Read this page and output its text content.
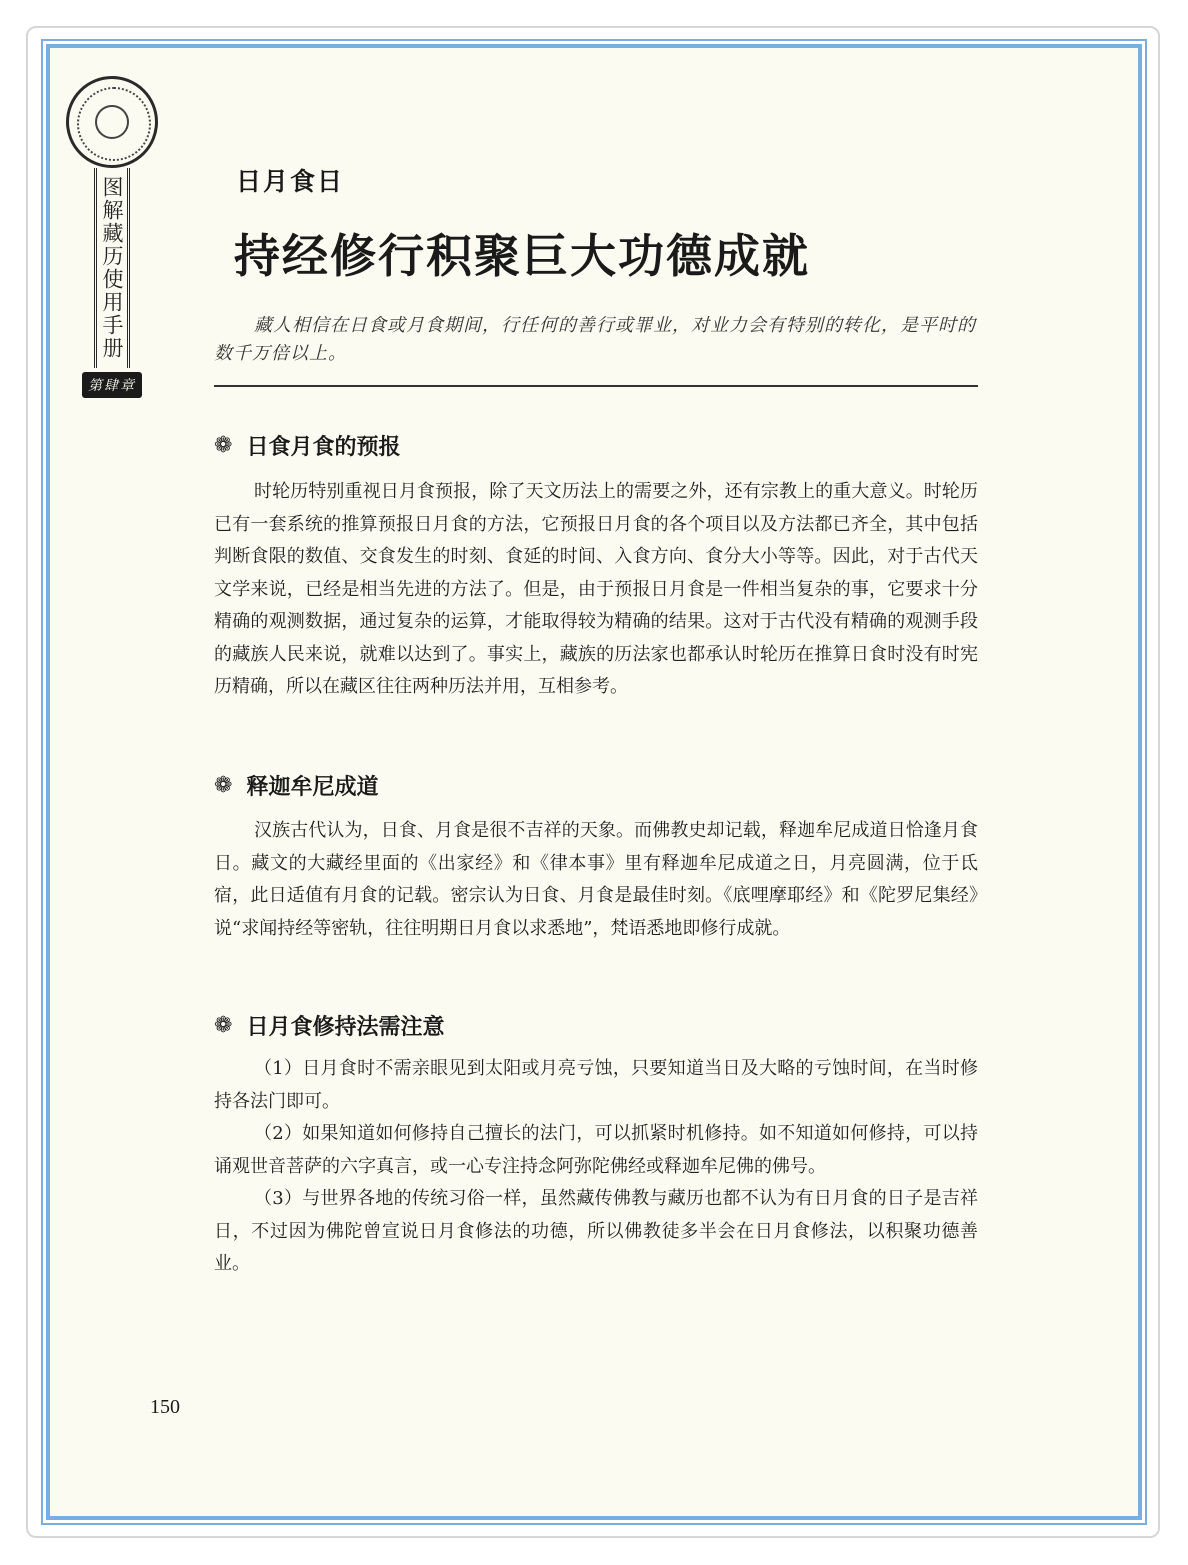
图解藏历使用手册
第肆章
日月食日
持经修行积聚巨大功德成就
藏人相信在日食或月食期间，行任何的善行或罪业，对业力会有特别的转化，是平时的数千万倍以上。
❁ 日食月食的预报
时轮历特别重视日月食预报，除了天文历法上的需要之外，还有宗教上的重大意义。时轮历已有一套系统的推算预报日月食的方法，它预报日月食的各个项目以及方法都已齐全，其中包括判断食限的数值、交食发生的时刻、食延的时间、入食方向、食分大小等等。因此，对于古代天文学来说，已经是相当先进的方法了。但是，由于预报日月食是一件相当复杂的事，它要求十分精确的观测数据，通过复杂的运算，才能取得较为精确的结果。这对于古代没有精确的观测手段的藏族人民来说，就难以达到了。事实上，藏族的历法家也都承认时轮历在推算日食时没有时宪历精确，所以在藏区往往两种历法并用，互相参考。
❁ 释迦牟尼成道
汉族古代认为，日食、月食是很不吉祥的天象。而佛教史却记载，释迦牟尼成道日恰逢月食日。藏文的大藏经里面的《出家经》和《律本事》里有释迦牟尼成道之日，月亮圆满，位于氐宿，此日适值有月食的记载。密宗认为日食、月食是最佳时刻。《底哩摩耶经》和《陀罗尼集经》说“求闻持经等密轨，往往明期日月食以求悉地”，梵语悉地即修行成就。
❁ 日月食修持法需注意
（1）日月食时不需亲眼见到太阳或月亮亏蚀，只要知道当日及大略的亏蚀时间，在当时修持各法门即可。
（2）如果知道如何修持自己擅长的法门，可以抓紧时机修持。如不知道如何修持，可以持诵观世音菩萨的六字真言，或一心专注持念阿弥陀佛经或释迦牟尼佛的佛号。
（3）与世界各地的传统习俗一样，虽然藏传佛教与藏历也都不认为有日月食的日子是吉祥日，不过因为佛陀曾宣说日月食修法的功德，所以佛教徒多半会在日月食修法，以积聚功德善业。
150
